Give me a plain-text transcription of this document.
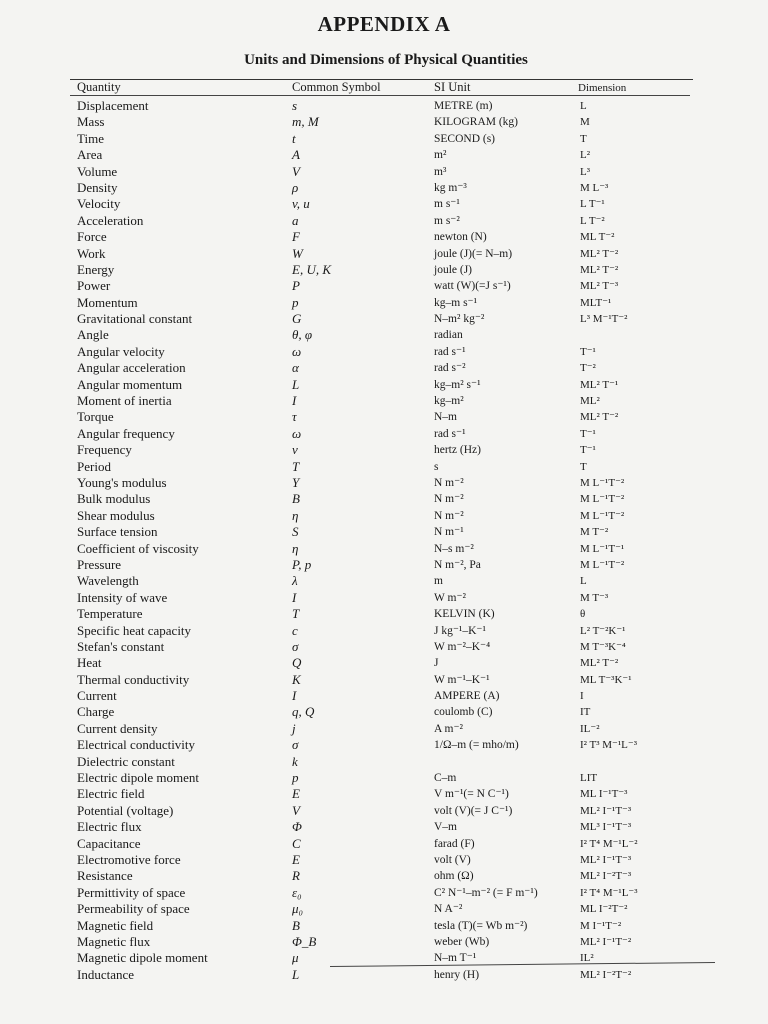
APPENDIX A
Units and Dimensions of Physical Quantities
Quantity	Common Symbol	SI Unit	Dimension
Displacement	s	METRE (m)	L
Mass	m, M	KILOGRAM (kg)	M
Time	t	SECOND (s)	T
Area	A	m²	L²
Volume	V	m³	L³
Density	ρ	kg m⁻³	M L⁻³
Velocity	v, u	m s⁻¹	L T⁻¹
Acceleration	a	m s⁻²	L T⁻²
Force	F	newton (N)	ML T⁻²
Work	W	joule (J)(= N–m)	ML² T⁻²
Energy	E, U, K	joule (J)	ML² T⁻²
Power	P	watt (W)(=J s⁻¹)	ML² T⁻³
Momentum	p	kg–m s⁻¹	MLT⁻¹
Gravitational constant	G	N–m² kg⁻²	L³ M⁻¹T⁻²
Angle	θ, φ	radian
Angular velocity	ω	rad s⁻¹	T⁻¹
Angular acceleration	α	rad s⁻²	T⁻²
Angular momentum	L	kg–m² s⁻¹	ML² T⁻¹
Moment of inertia	I	kg–m²	ML²
Torque	τ	N–m	ML² T⁻²
Angular frequency	ω	rad s⁻¹	T⁻¹
Frequency	ν	hertz (Hz)	T⁻¹
Period	T	s	T
Young's modulus	Y	N m⁻²	M L⁻¹T⁻²
Bulk modulus	B	N m⁻²	M L⁻¹T⁻²
Shear modulus	η	N m⁻²	M L⁻¹T⁻²
Surface tension	S	N m⁻¹	M T⁻²
Coefficient of viscosity	η	N–s m⁻²	M L⁻¹T⁻¹
Pressure	P, p	N m⁻², Pa	M L⁻¹T⁻²
Wavelength	λ	m	L
Intensity of wave	I	W m⁻²	M T⁻³
Temperature	T	KELVIN (K)	θ
Specific heat capacity	c	J kg⁻¹–K⁻¹	L² T⁻²K⁻¹
Stefan's constant	σ	W m⁻²–K⁻⁴	M T⁻³K⁻⁴
Heat	Q	J	ML² T⁻²
Thermal conductivity	K	W m⁻¹–K⁻¹	ML T⁻³K⁻¹
Current	I	AMPERE (A)	I
Charge	q, Q	coulomb (C)	IT
Current density	j	A m⁻²	IL⁻²
Electrical conductivity	σ	1/Ω–m (= mho/m)	I² T³ M⁻¹L⁻³
Dielectric constant	k
Electric dipole moment	p	C–m	LIT
Electric field	E	V m⁻¹(= N C⁻¹)	ML I⁻¹T⁻³
Potential (voltage)	V	volt (V)(= J C⁻¹)	ML² I⁻¹T⁻³
Electric flux	Φ	V–m	ML³ I⁻¹T⁻³
Capacitance	C	farad (F)	I² T⁴ M⁻¹L⁻²
Electromotive force	E	volt (V)	ML² I⁻¹T⁻³
Resistance	R	ohm (Ω)	ML² I⁻²T⁻³
Permittivity of space	ε₀	C² N⁻¹–m⁻² (= F m⁻¹)	I² T⁴ M⁻¹L⁻³
Permeability of space	μ₀	N A⁻²	ML I⁻²T⁻²
Magnetic field	B	tesla (T)(= Wb m⁻²)	M I⁻¹T⁻²
Magnetic flux	Φ_B	weber (Wb)	ML² I⁻¹T⁻²
Magnetic dipole moment	μ	N–m T⁻¹	IL²
Inductance	L	henry (H)	ML² I⁻²T⁻²
